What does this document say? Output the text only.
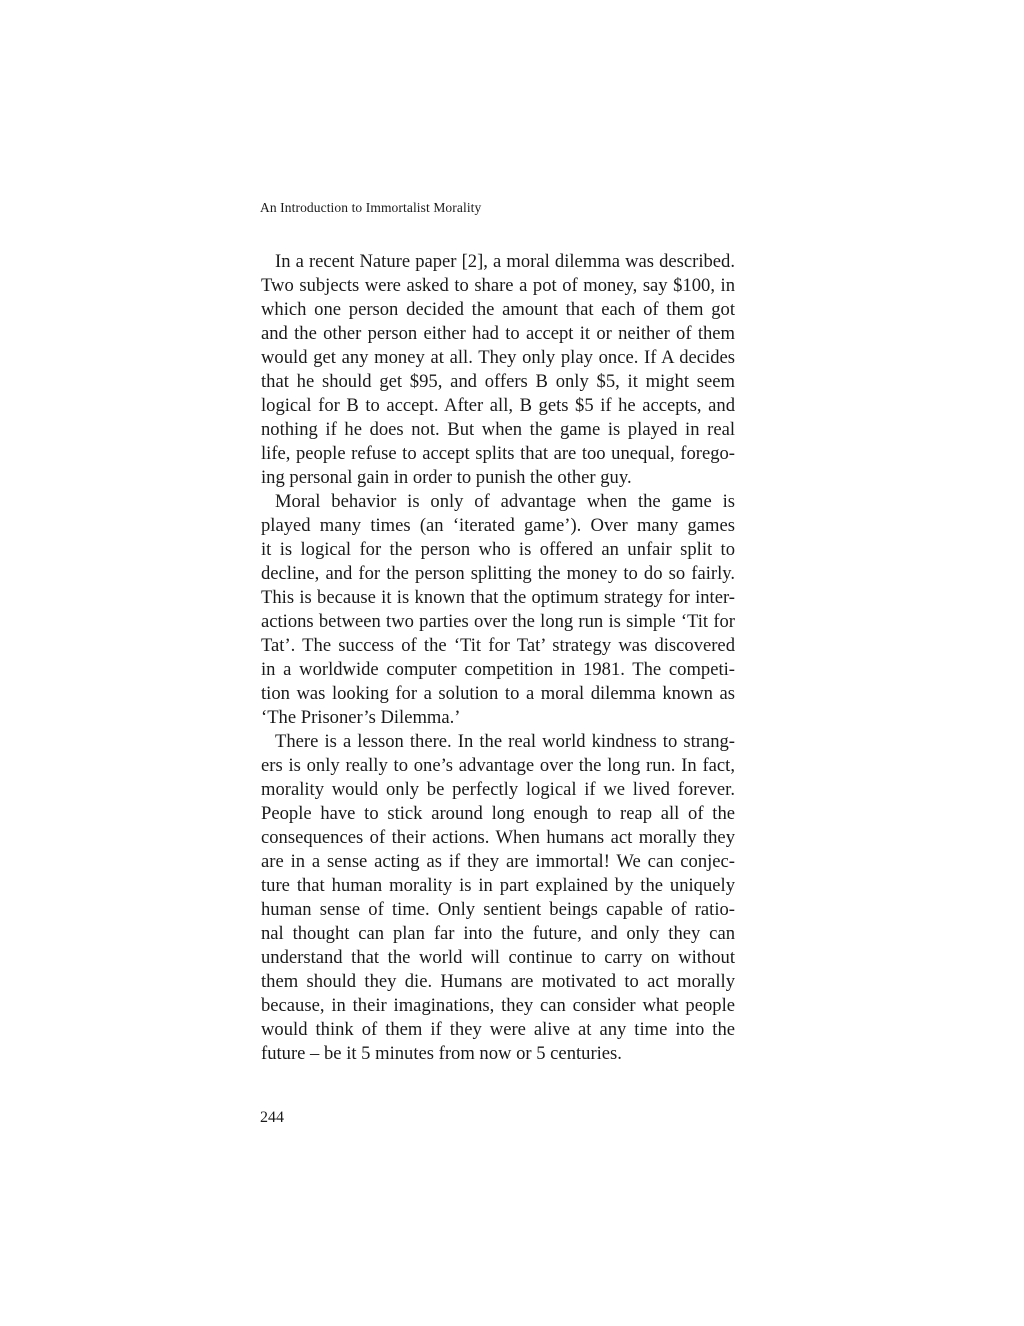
An Introduction to Immortalist Morality
In a recent Nature paper [2], a moral dilemma was described.
Two subjects were asked to share a pot of money, say $100, in
which one person decided the amount that each of them got
and the other person either had to accept it or neither of them
would get any money at all. They only play once. If A decides
that he should get $95, and offers B only $5, it might seem
logical for B to accept. After all, B gets $5 if he accepts, and
nothing if he does not. But when the game is played in real
life, people refuse to accept splits that are too unequal, forego-
ing personal gain in order to punish the other guy.
Moral behavior is only of advantage when the game is
played many times (an ‘iterated game’). Over many games
it is logical for the person who is offered an unfair split to
decline, and for the person splitting the money to do so fairly.
This is because it is known that the optimum strategy for inter-
actions between two parties over the long run is simple ‘Tit for
Tat’. The success of the ‘Tit for Tat’ strategy was discovered
in a worldwide computer competition in 1981. The competi-
tion was looking for a solution to a moral dilemma known as
‘The Prisoner’s Dilemma.’
There is a lesson there. In the real world kindness to strang-
ers is only really to one’s advantage over the long run. In fact,
morality would only be perfectly logical if we lived forever.
People have to stick around long enough to reap all of the
consequences of their actions. When humans act morally they
are in a sense acting as if they are immortal! We can conjec-
ture that human morality is in part explained by the uniquely
human sense of time. Only sentient beings capable of ratio-
nal thought can plan far into the future, and only they can
understand that the world will continue to carry on without
them should they die. Humans are motivated to act morally
because, in their imaginations, they can consider what people
would think of them if they were alive at any time into the
future – be it 5 minutes from now or 5 centuries.
244
